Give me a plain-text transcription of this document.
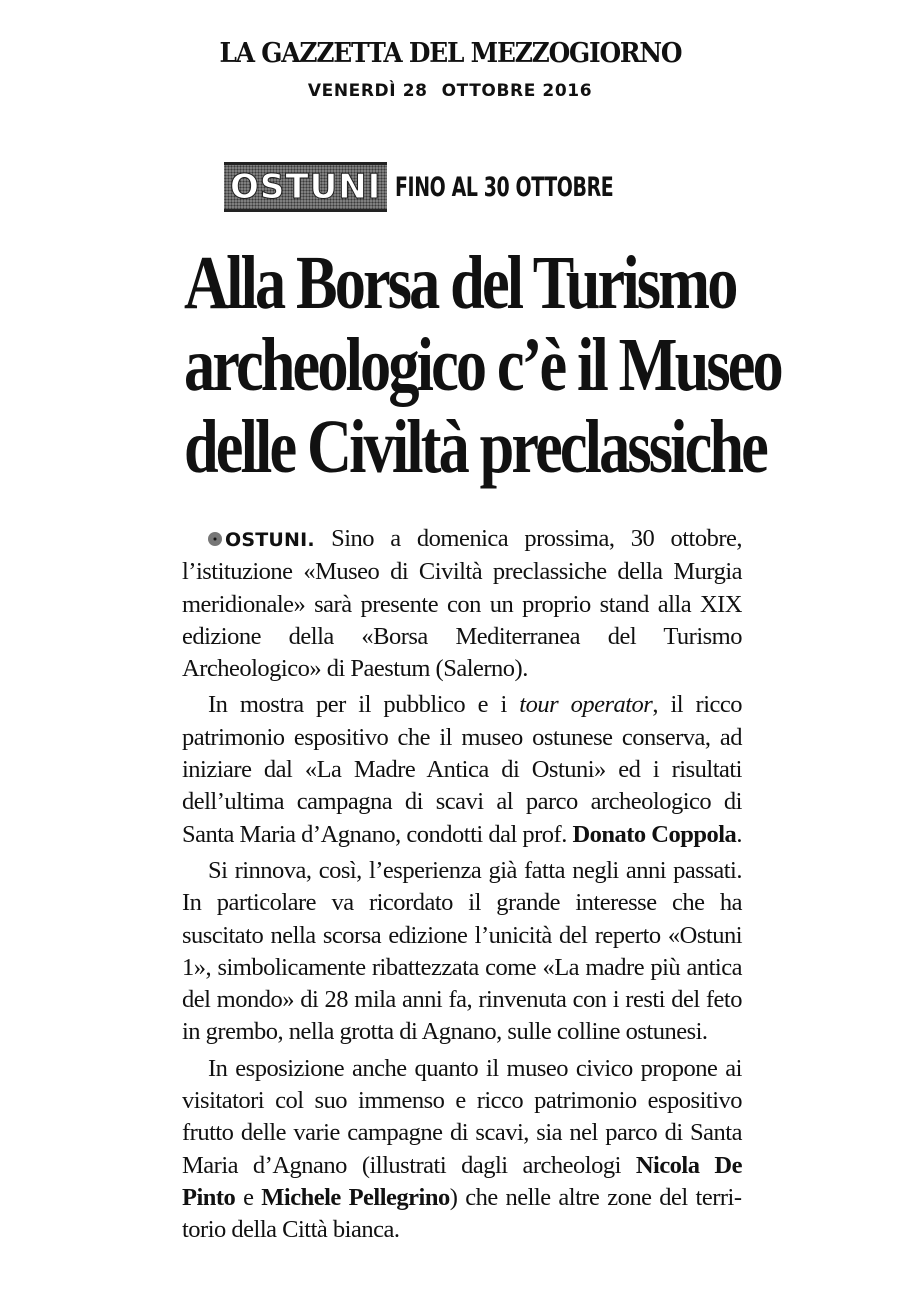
LA GAZZETTA DEL MEZZOGIORNO
VENERDÌ 28 OTTOBRE 2016
OSTUNI FINO AL 30 OTTOBRE
Alla Borsa del Turismo
archeologico c’è il Museo
delle Civiltà preclassiche

OSTUNI. Sino a domenica prossima, 30 ottobre, l’istituzione «Museo di Civiltà preclassiche della Murgia meridionale» sarà presente con un proprio stand alla XIX edizione della «Borsa Mediterranea del Turismo Archeologico» di Paestum (Salerno).

In mostra per il pubblico e i tour operator, il ricco patrimonio espositivo che il museo ostunese conserva, ad iniziare dal «La Madre Antica di Ostuni» ed i risultati dell’ultima campagna di scavi al parco archeologico di Santa Maria d’Agnano, condotti dal prof. Donato Coppola.

Si rinnova, così, l’esperienza già fatta negli anni passati. In particolare va ricordato il grande interesse che ha suscitato nella scorsa edizione l’unicità del reperto «Ostuni 1», simbolicamente ribattezzata come «La madre più antica del mondo» di 28 mila anni fa, rinvenuta con i resti del feto in grembo, nella grotta di Agnano, sulle colline ostunesi.

In esposizione anche quanto il museo civico propone ai visitatori col suo immenso e ricco patrimonio espositivo frutto delle varie campagne di scavi, sia nel parco di Santa Maria d’Agnano (illustrati dagli archeologi Nicola De Pinto e Michele Pellegrino) che nelle altre zone del territorio della Città bianca.
